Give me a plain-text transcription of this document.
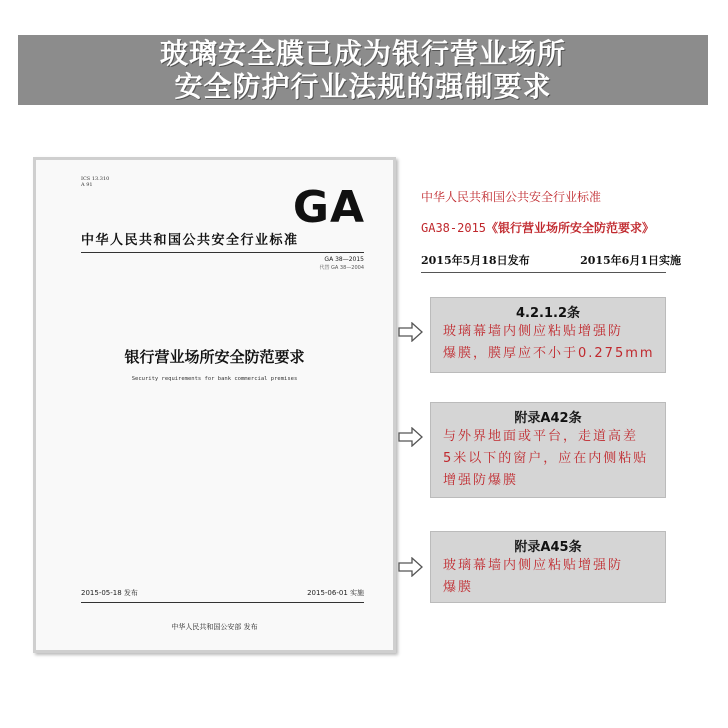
玻璃安全膜已成为银行营业场所
安全防护行业法规的强制要求
ICS 13.310
A 91	GA
中华人民共和国公共安全行业标准
GA 38—2015
代替 GA 38—2004
银行营业场所安全防范要求
Security requirements for bank commercial premises
2015-05-18 发布	2015-06-01 实施
中华人民共和国公安部 发布
中华人民共和国公共安全行业标准
GA38-2015《银行营业场所安全防范要求》
2015年5月18日发布	2015年6月1日实施
4.2.1.2条
玻璃幕墙内侧应粘贴增强防
爆膜，膜厚应不小于0.275mm
附录A42条
与外界地面或平台，走道高差
5米以下的窗户，应在内侧粘贴
增强防爆膜
附录A45条
玻璃幕墙内侧应粘贴增强防
爆膜
